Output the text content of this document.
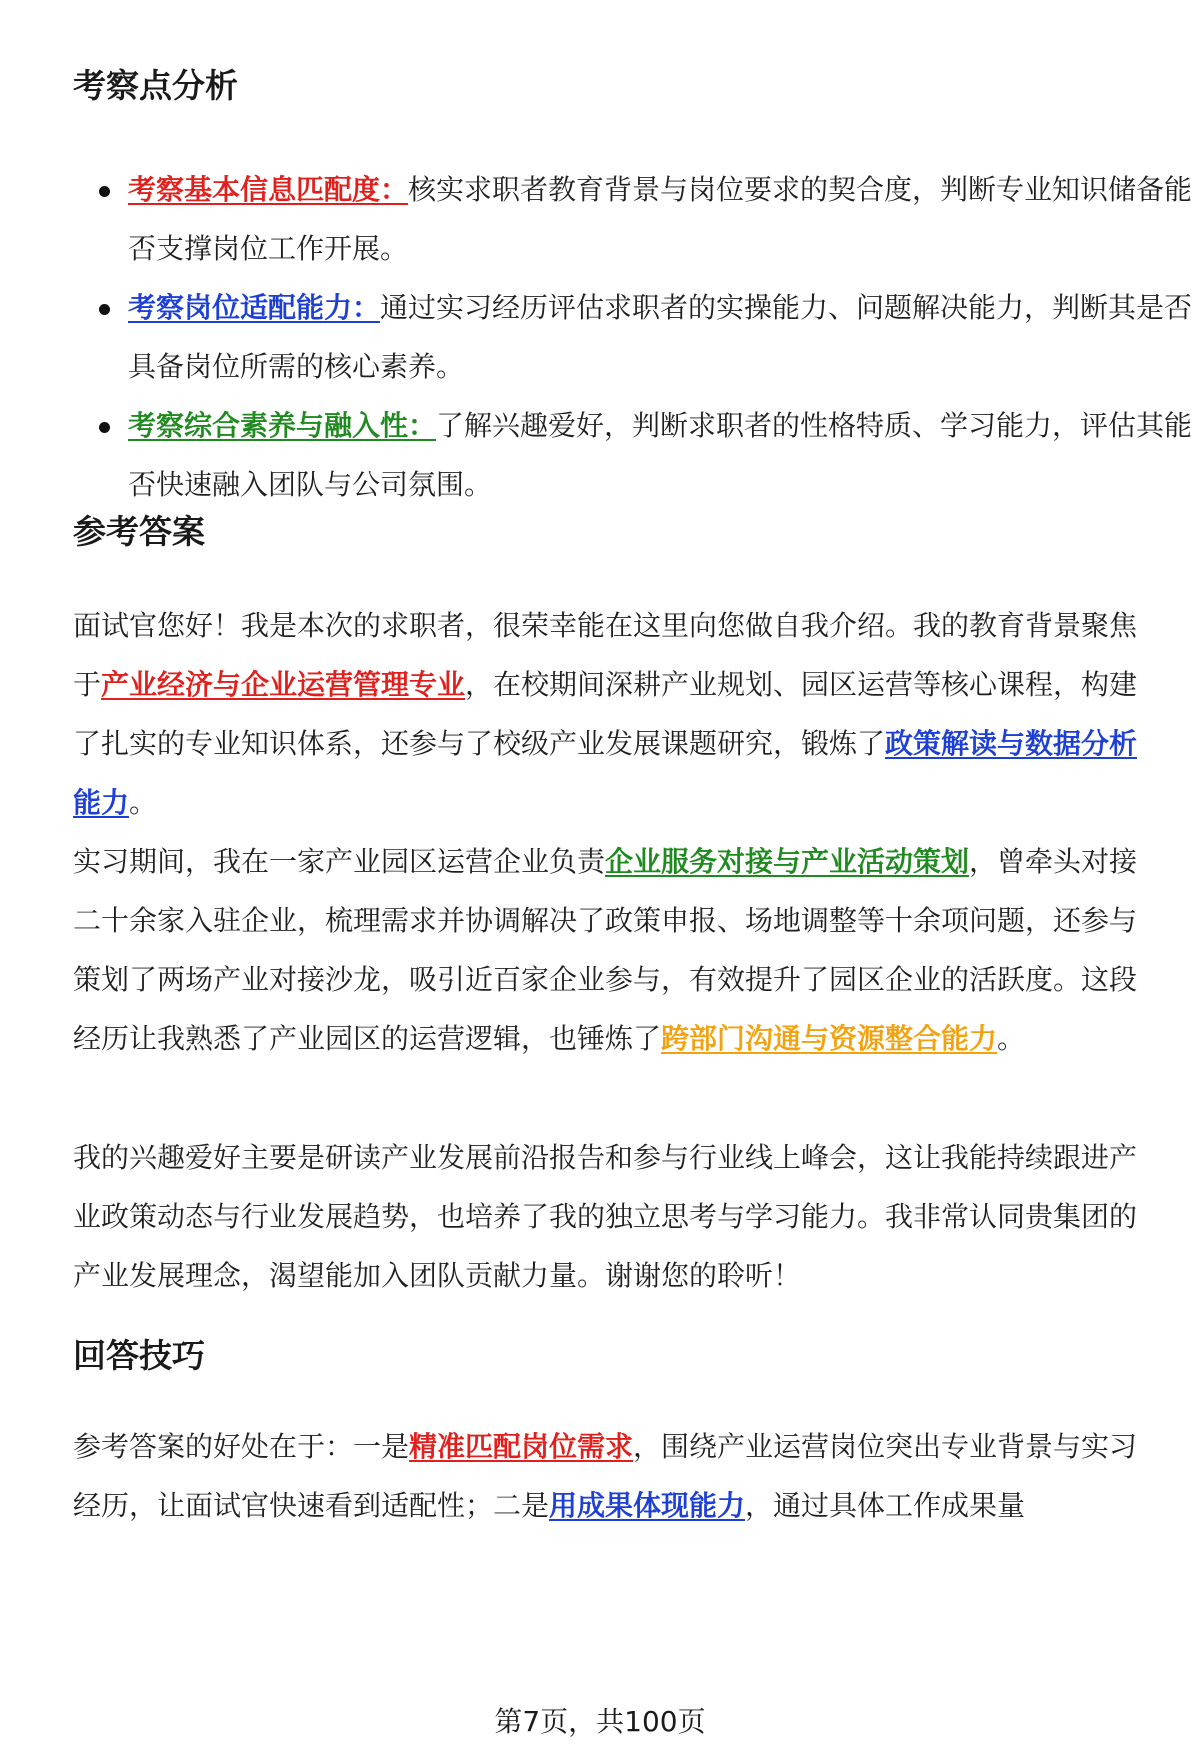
考察点分析
考察基本信息匹配度：核实求职者教育背景与岗位要求的契合度，判断专业知识储备能否支撑岗位工作开展。
考察岗位适配能力：通过实习经历评估求职者的实操能力、问题解决能力，判断其是否具备岗位所需的核心素养。
考察综合素养与融入性：了解兴趣爱好，判断求职者的性格特质、学习能力，评估其能否快速融入团队与公司氛围。
参考答案

面试官您好！我是本次的求职者，很荣幸能在这里向您做自我介绍。我的教育背景聚焦于产业经济与企业运营管理专业，在校期间深耕产业规划、园区运营等核心课程，构建了扎实的专业知识体系，还参与了校级产业发展课题研究，锻炼了政策解读与数据分析能力。

实习期间，我在一家产业园区运营企业负责企业服务对接与产业活动策划，曾牵头对接二十余家入驻企业，梳理需求并协调解决了政策申报、场地调整等十余项问题，还参与策划了两场产业对接沙龙，吸引近百家企业参与，有效提升了园区企业的活跃度。这段经历让我熟悉了产业园区的运营逻辑，也锤炼了跨部门沟通与资源整合能力。

我的兴趣爱好主要是研读产业发展前沿报告和参与行业线上峰会，这让我能持续跟进产业政策动态与行业发展趋势，也培养了我的独立思考与学习能力。我非常认同贵集团的产业发展理念，渴望能加入团队贡献力量。谢谢您的聆听！

回答技巧

参考答案的好处在于：一是精准匹配岗位需求，围绕产业运营岗位突出专业背景与实习经历，让面试官快速看到适配性；二是用成果体现能力，通过具体工作成果量

第7页，共100页
